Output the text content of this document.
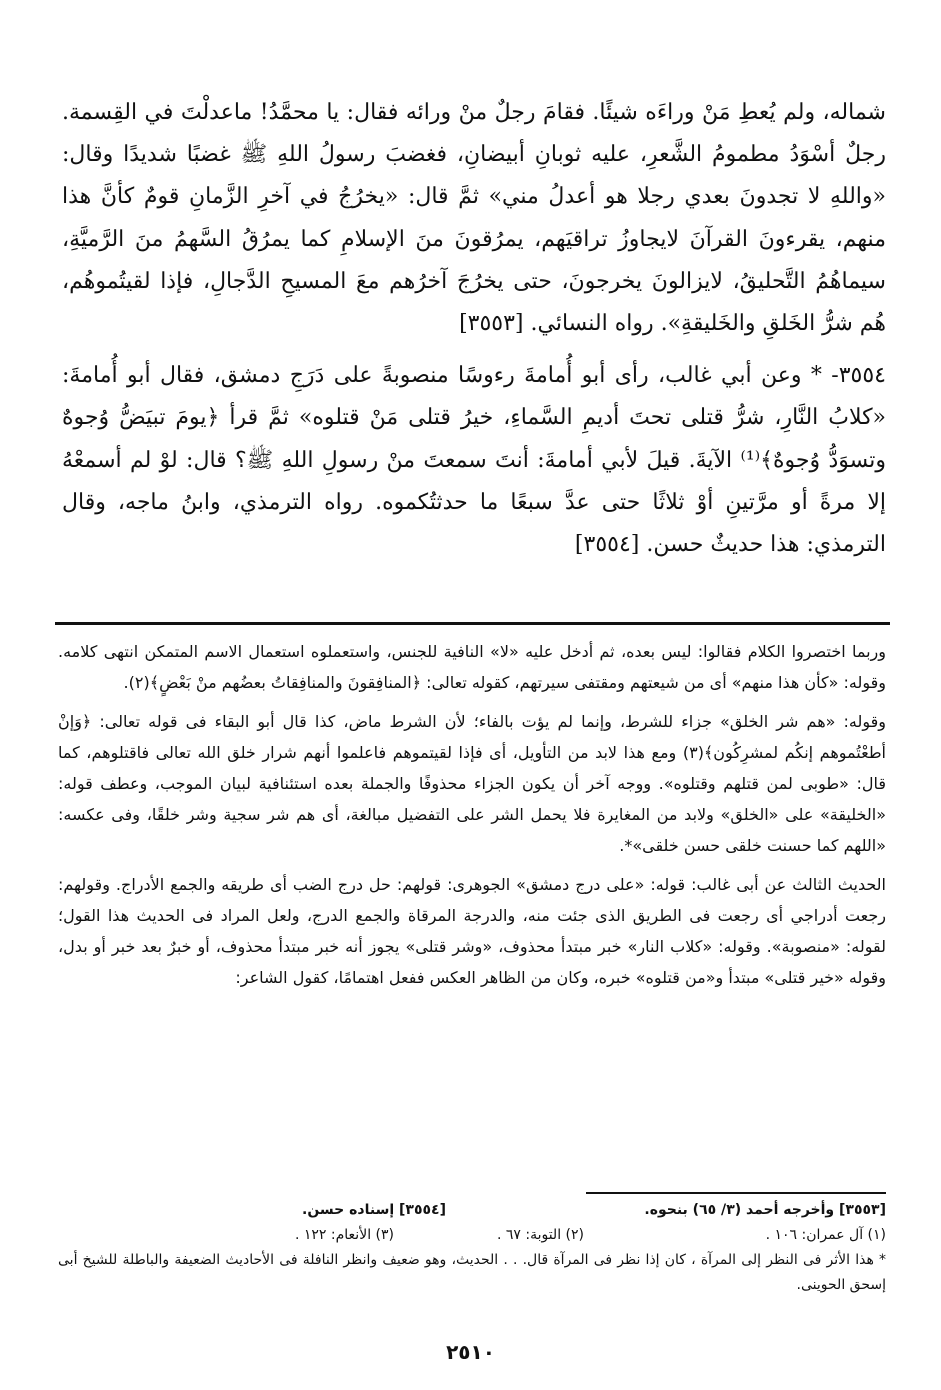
شماله، ولم يُعطِ مَنْ وراءَه شيئًا. فقامَ رجلٌ منْ ورائه فقال: يا محمَّدُ! ماعدلْتَ في القِسمة. رجلٌ أسْوَدُ مطمومُ الشَّعرِ، عليه ثوبانِ أبيضانِ، فغضبَ رسولُ اللهِ ﷺ غضبًا شديدًا وقال: «واللهِ لا تجدونَ بعدي رجلا هو أعدلُ مني» ثمَّ قال: «يخرُجُ في آخرِ الزَّمانِ قومٌ كأنَّ هذا منهم، يقرءونَ القرآنَ لايجاوزُ تراقيَهم، يمرُقونَ منَ الإسلامِ كما يمرُقُ السَّهمُ منَ الرَّميَّةِ، سيماهُمُ التَّحليقُ، لايزالونَ يخرجونَ، حتى يخرُجَ آخرُهم معَ المسيحِ الدَّجالِ، فإذا لقيتُموهُم، هُم شرُّ الخَلقِ والخَليقةِ». رواه النسائي. [٣٥٥٣]

٣٥٥٤- * وعن أبي غالب، رأى أبو أُمامةَ رءوسًا منصوبةً على دَرَجِ دمشق، فقال أبو أُمامةَ: «كلابُ النَّارِ، شرُّ قتلى تحتَ أديمِ السَّماءِ، خيرُ قتلى مَنْ قتلوه» ثمَّ قرأ ﴿يومَ تبيَضُّ وُجوهٌ وتسوَدُّ وُجوهٌ﴾⁽¹⁾ الآيةَ. قيلَ لأبي أمامةَ: أنتَ سمعتَ منْ رسولِ اللهِ ﷺ؟ قال: لوْ لم أسمعْهُ إلا مرةً أو مرَّتينِ أوْ ثلاثًا حتى عدَّ سبعًا ما حدثتُكموه. رواه الترمذي، وابنُ ماجه، وقال الترمذي: هذا حديثٌ حسن. [٣٥٥٤]

وربما اختصروا الكلام فقالوا: ليس بعده، ثم أدخل عليه «لا» النافية للجنس، واستعملوه استعمال الاسم المتمكن انتهى كلامه. وقوله: «كأن هذا منهم» أى من شيعتهم ومقتفى سيرتهم، كقوله تعالى: ﴿المنافِقونَ والمنافِقاتُ بعضُهم منْ بَعْضٍ﴾(٢).

وقوله: «هم شر الخلق» جزاء للشرط، وإنما لم يؤت بالفاء؛ لأن الشرط ماض، كذا قال أبو البقاء فى قوله تعالى: ﴿وَإنْ أطعْتُموهم إنكُم لمشرِكُون﴾(٣) ومع هذا لابد من التأويل، أى فإذا لقيتموهم فاعلموا أنهم شرار خلق الله تعالى فاقتلوهم، كما قال: «طوبى لمن قتلهم وقتلوه». ووجه آخر أن يكون الجزاء محذوفًا والجملة بعده استئنافية لبيان الموجب، وعطف قوله: «الخليقة» على «الخلق» ولابد من المغايرة فلا يحمل الشر على التفضيل مبالغة، أى هم شر سجية وشر خلقًا، وفى عكسه: «اللهم كما حسنت خلقى حسن خلقى»*.

الحديث الثالث عن أبى غالب: قوله: «على درج دمشق» الجوهرى: قولهم: حل درج الضب أى طريقه والجمع الأدراج. وقولهم: رجعت أدراجي أى رجعت فى الطريق الذى جئت منه، والدرجة المرقاة والجمع الدرج، ولعل المراد فى الحديث هذا القول؛ لقوله: «منصوبة». وقوله: «كلاب النار» خبر مبتدأ محذوف، «وشر قتلى» يجوز أنه خبر مبتدأ محذوف، أو خبرٌ بعد خبر أو بدل، وقوله «خير قتلى» مبتدأ و«من قتلوه» خبره، وكان من الظاهر العكس ففعل اهتمامًا، كقول الشاعر:

[٣٥٥٣] وأخرجه أحمد (٣/ ٦٥) بنحوه.
[٣٥٥٤] إسناده حسن.
(١) آل عمران: ١٠٦ .
(٢) التوبة: ٦٧ .
(٣) الأنعام: ١٢٢ .
* هذا الأثر فى النظر إلى المرآة ، كان إذا نظر فى المرآة قال. . . الحديث، وهو ضعيف وانظر النافلة فى الأحاديث الضعيفة والباطلة للشيخ أبى إسحق الحوينى.
٢٥١٠
